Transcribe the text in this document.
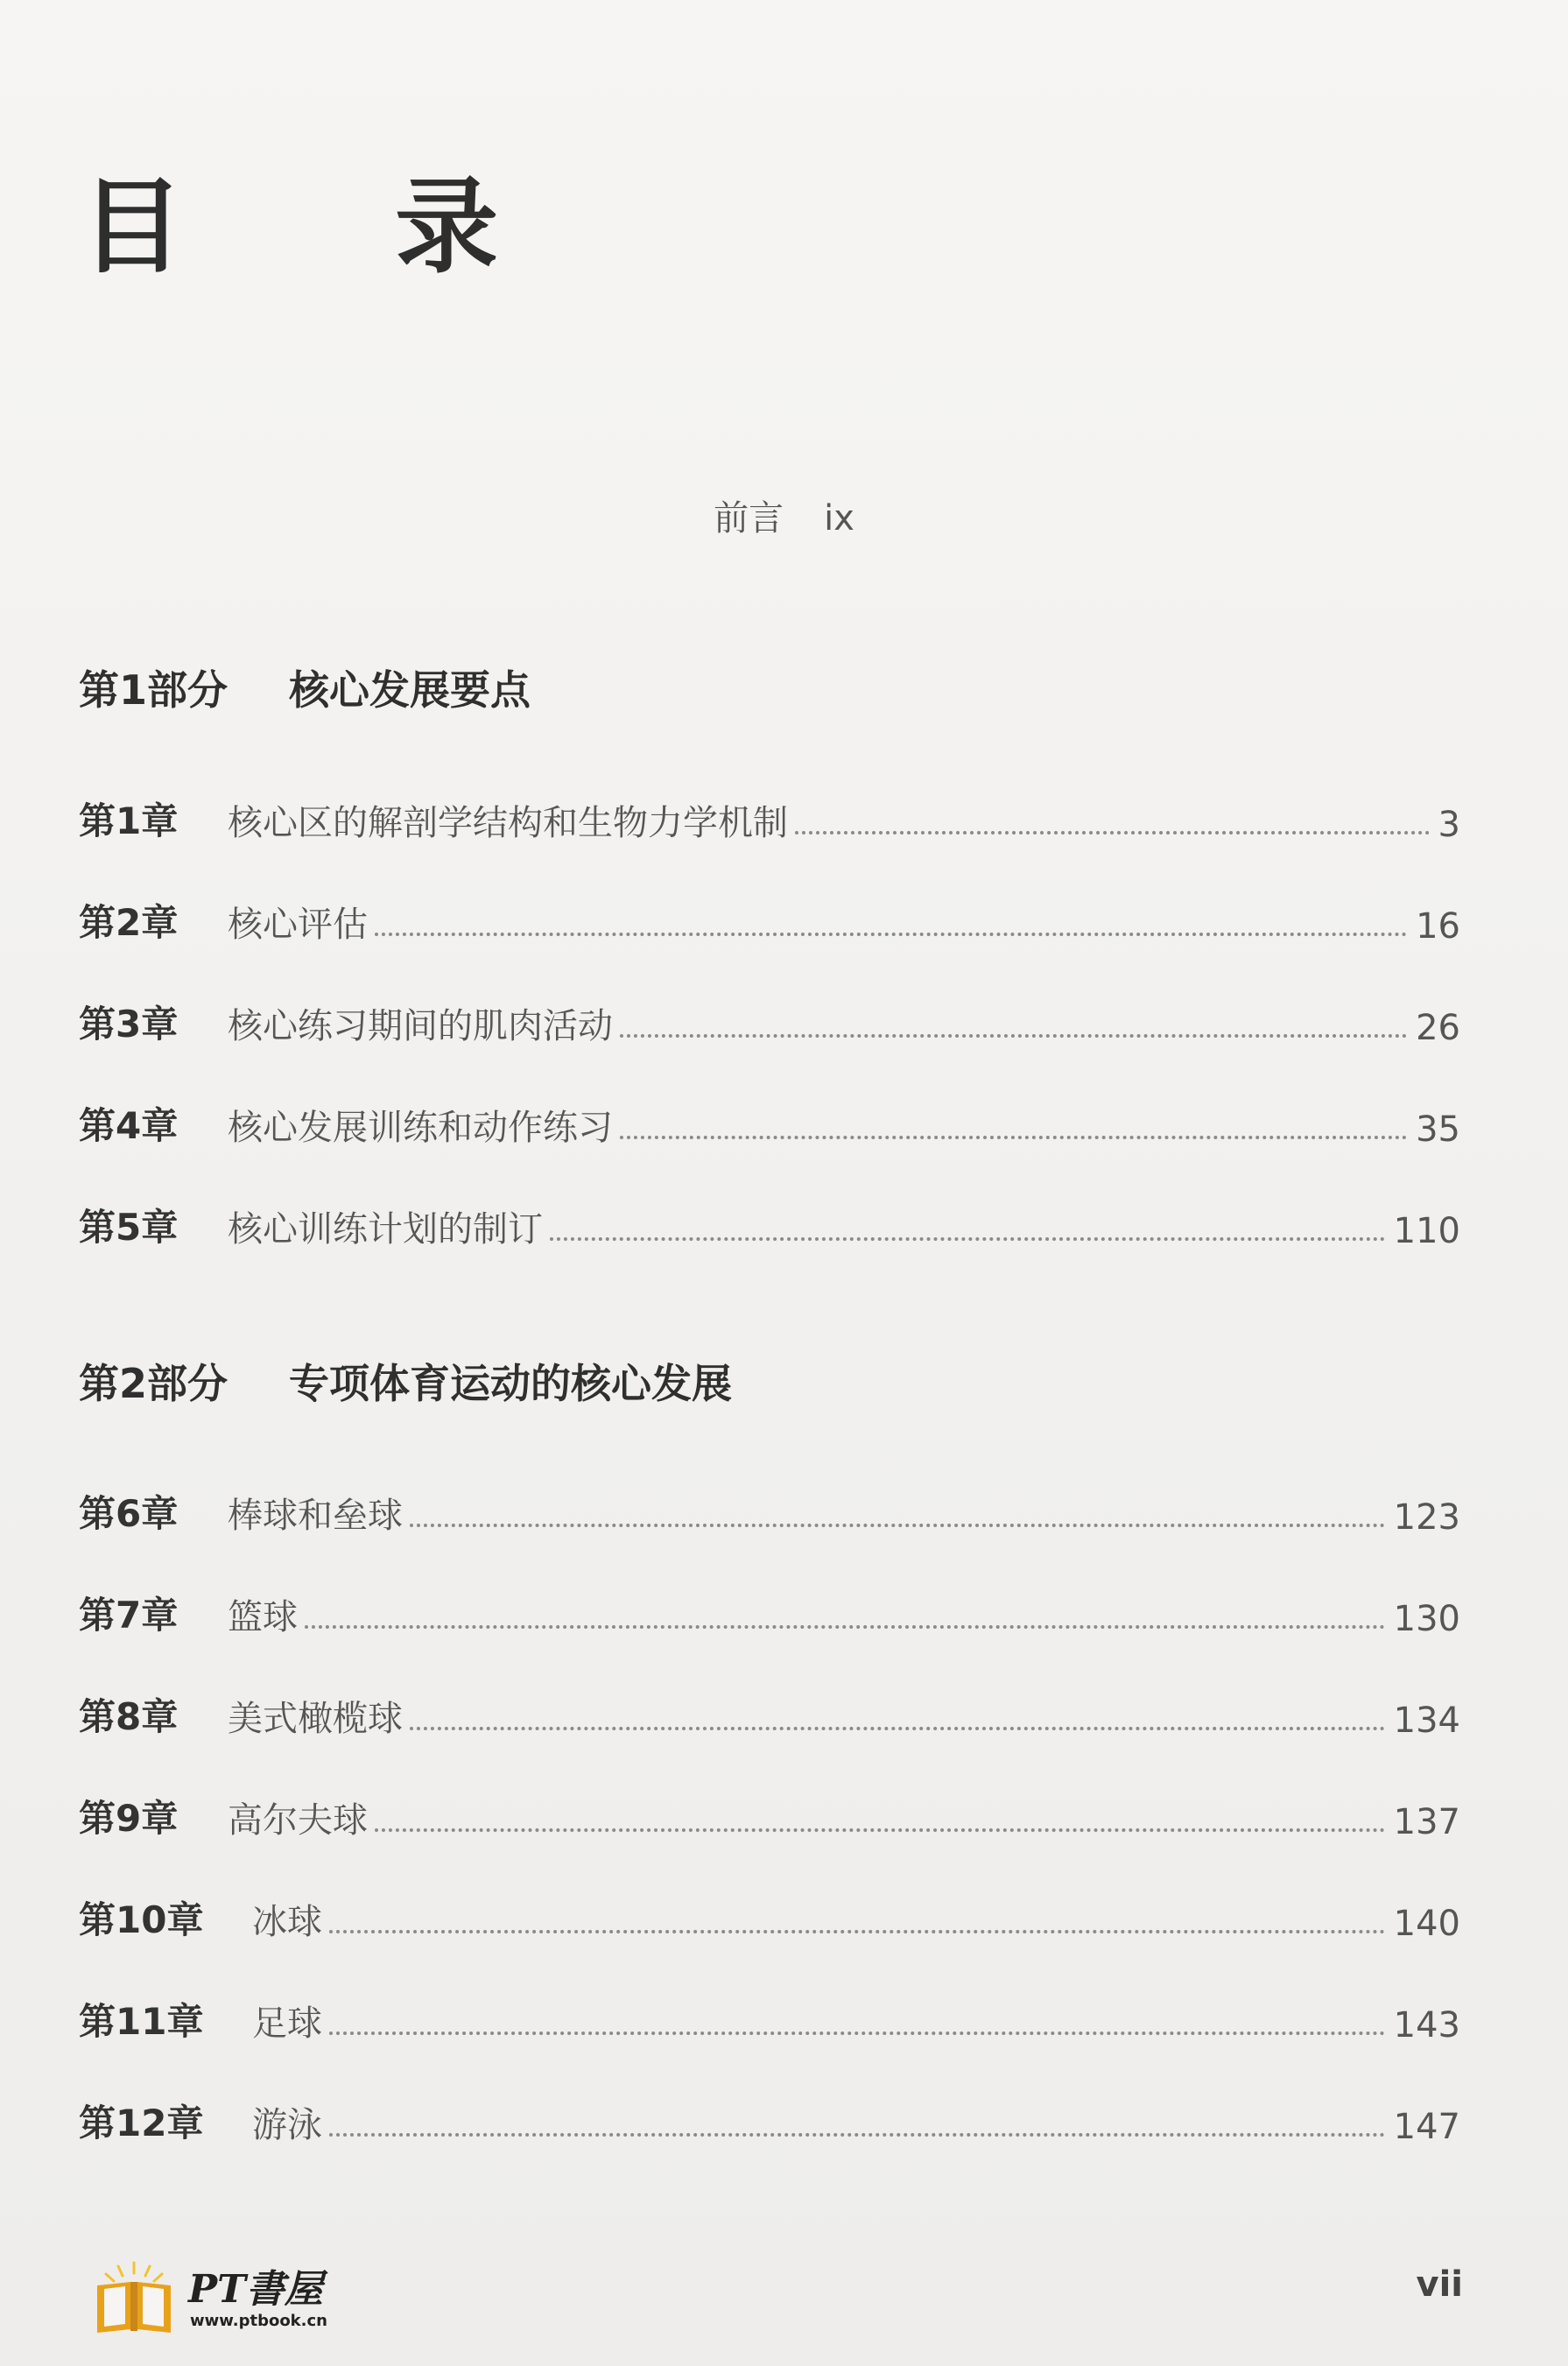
目 录
前言 ix
第1部分 核心发展要点
第1章	核心区的解剖学结构和生物力学机制	3
第2章	核心评估	16
第3章	核心练习期间的肌肉活动	26
第4章	核心发展训练和动作练习	35
第5章	核心训练计划的制订	110
第2部分 专项体育运动的核心发展
第6章	棒球和垒球	123
第7章	篮球	130
第8章	美式橄榄球	134
第9章	高尔夫球	137
第10章	冰球	140
第11章	足球	143
第12章	游泳	147
PT書屋
www.ptbook.cn
vii
